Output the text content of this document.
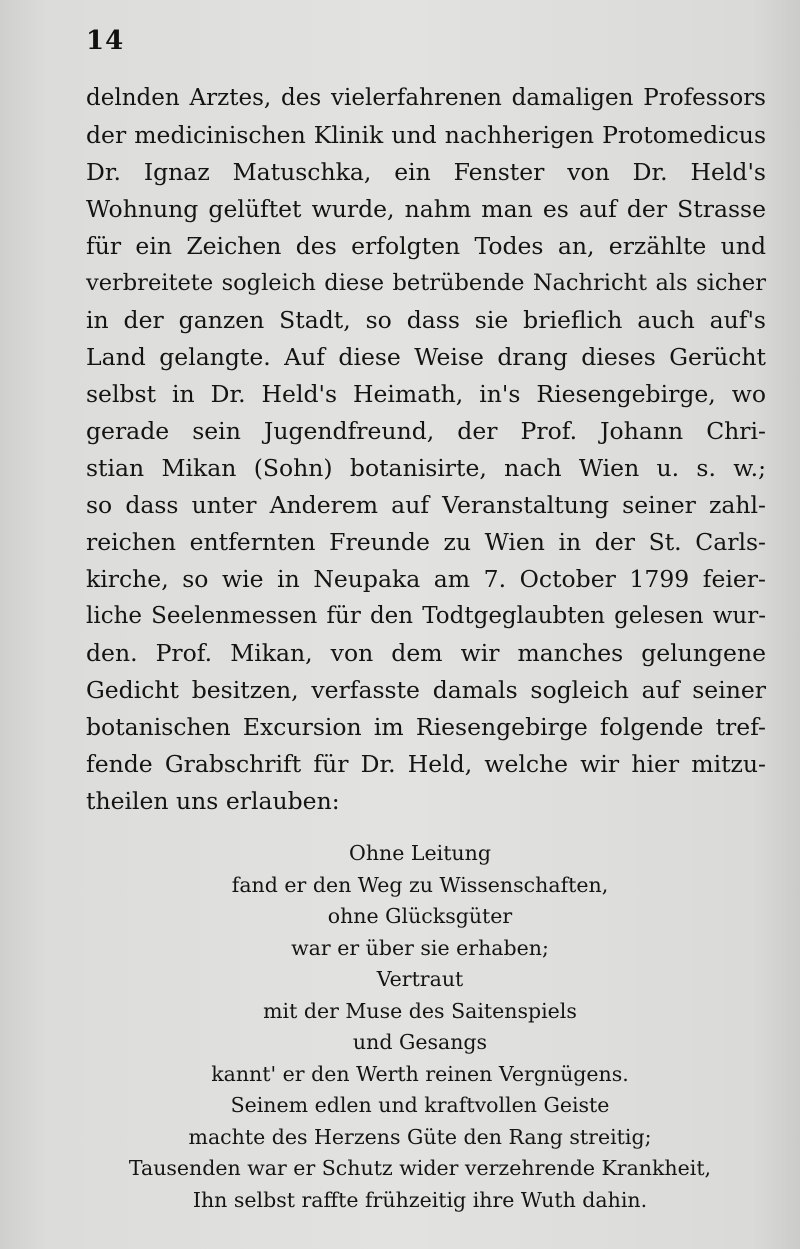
14
delnden Arztes, des vielerfahrenen damaligen Professors
der medicinischen Klinik und nachherigen Protomedicus
Dr. Ignaz Matuschka, ein Fenster von Dr. Held's
Wohnung gelüftet wurde, nahm man es auf der Strasse
für ein Zeichen des erfolgten Todes an, erzählte und
verbreitete sogleich diese betrübende Nachricht als sicher
in der ganzen Stadt, so dass sie brieflich auch auf's
Land gelangte. Auf diese Weise drang dieses Gerücht
selbst in Dr. Held's Heimath, in's Riesengebirge, wo
gerade sein Jugendfreund, der Prof. Johann Chri-
stian Mikan (Sohn) botanisirte, nach Wien u. s. w.;
so dass unter Anderem auf Veranstaltung seiner zahl-
reichen entfernten Freunde zu Wien in der St. Carls-
kirche, so wie in Neupaka am 7. October 1799 feier-
liche Seelenmessen für den Todtgeglaubten gelesen wur-
den. Prof. Mikan, von dem wir manches gelungene
Gedicht besitzen, verfasste damals sogleich auf seiner
botanischen Excursion im Riesengebirge folgende tref-
fende Grabschrift für Dr. Held, welche wir hier mitzu-
theilen uns erlauben:
Ohne Leitung
fand er den Weg zu Wissenschaften,
ohne Glücksgüter
war er über sie erhaben;
Vertraut
mit der Muse des Saitenspiels
und Gesangs
kannt' er den Werth reinen Vergnügens.
Seinem edlen und kraftvollen Geiste
machte des Herzens Güte den Rang streitig;
Tausenden war er Schutz wider verzehrende Krankheit,
Ihn selbst raffte frühzeitig ihre Wuth dahin.
